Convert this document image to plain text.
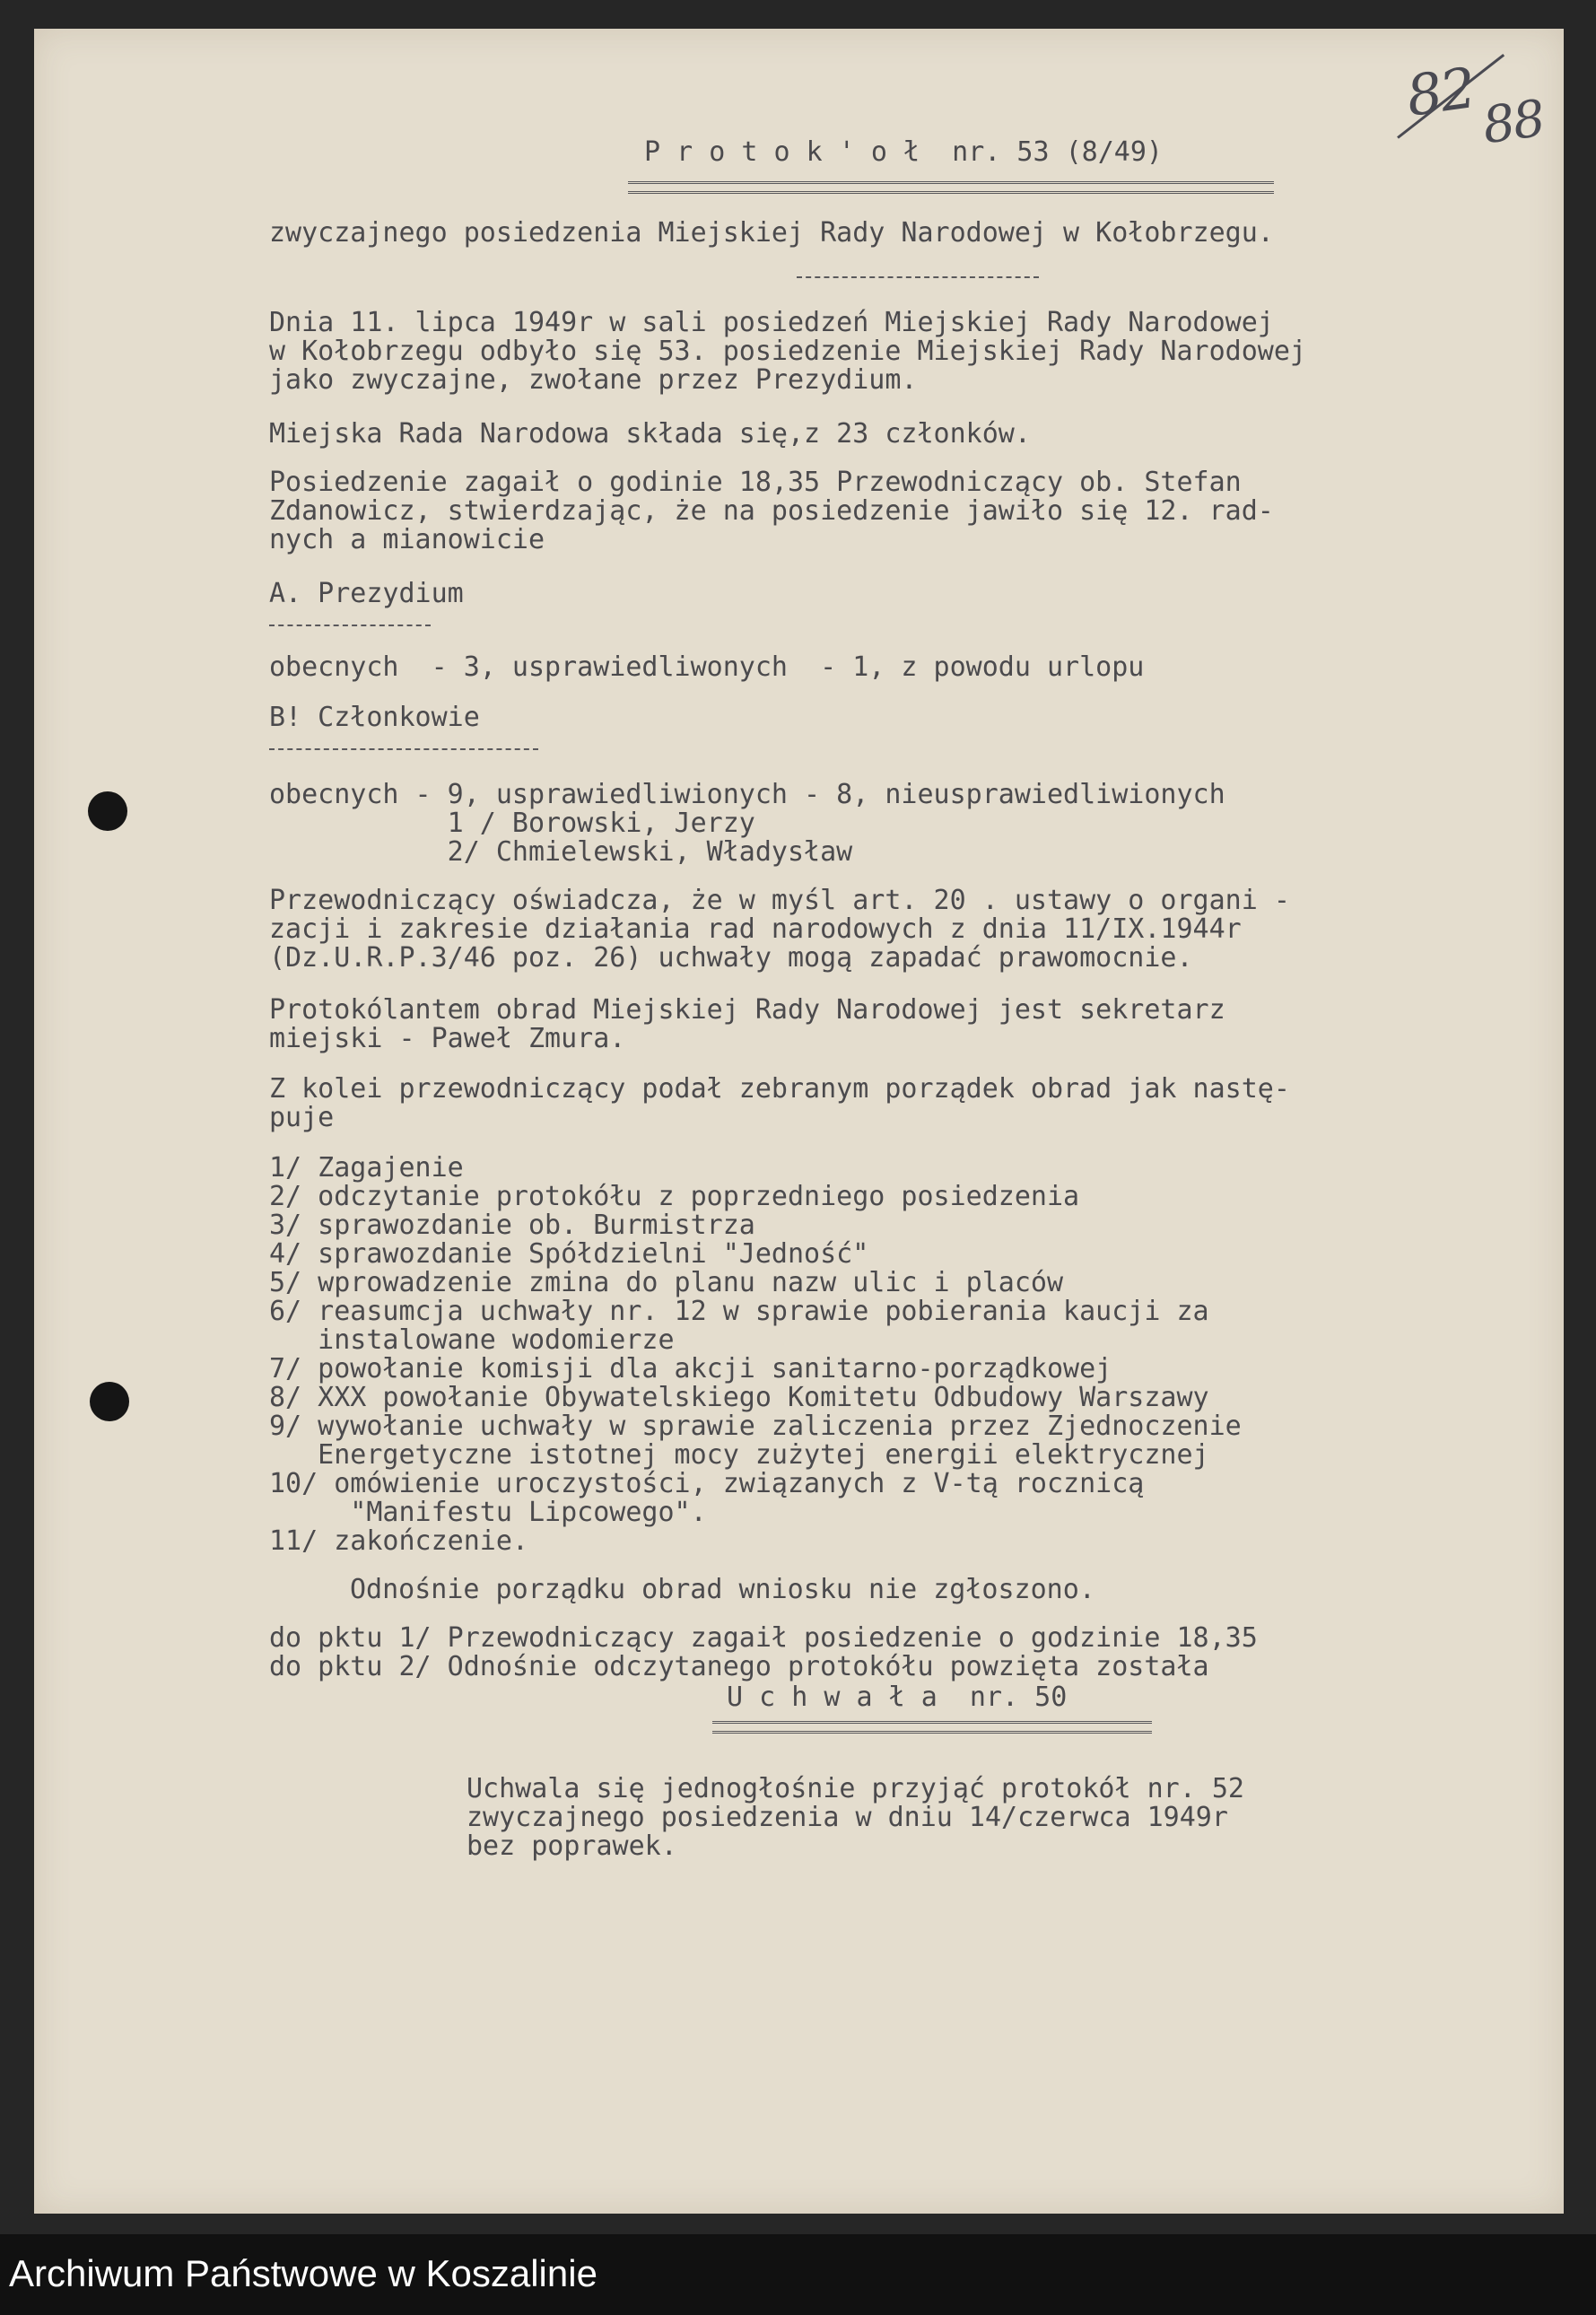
82 88
P r o t o k ' o ł  nr. 53 (8/49)
zwyczajnego posiedzenia Miejskiej Rady Narodowej w Kołobrzegu.
Dnia 11. lipca 1949r w sali posiedzeń Miejskiej Rady Narodowej
w Kołobrzegu odbyło się 53. posiedzenie Miejskiej Rady Narodowej
jako zwyczajne, zwołane przez Prezydium.
Miejska Rada Narodowa składa się,z 23 członków.
Posiedzenie zagaił o godinie 18,35 Przewodniczący ob. Stefan
Zdanowicz, stwierdzając, że na posiedzenie jawiło się 12. rad-
nych a mianowicie
A. Prezydium
obecnych  - 3, usprawiedliwonych  - 1, z powodu urlopu
B! Członkowie
obecnych - 9, usprawiedliwionych - 8, nieusprawiedliwionych
1 / Borowski, Jerzy
2/ Chmielewski, Władysław
Przewodniczący oświadcza, że w myśl art. 20 . ustawy o organi -
zacji i zakresie działania rad narodowych z dnia 11/IX.1944r
(Dz.U.R.P.3/46 poz. 26) uchwały mogą zapadać prawomocnie.
Protokólantem obrad Miejskiej Rady Narodowej jest sekretarz
miejski - Paweł Zmura.
Z kolei przewodniczący podał zebranym porządek obrad jak nastę-
puje
1/ Zagajenie
2/ odczytanie protokółu z poprzedniego posiedzenia
3/ sprawozdanie ob. Burmistrza
4/ sprawozdanie Spółdzielni "Jedność"
5/ wprowadzenie zmina do planu nazw ulic i placów
6/ reasumcja uchwały nr. 12 w sprawie pobierania kaucji za
instalowane wodomierze
7/ powołanie komisji dla akcji sanitarno-porządkowej
8/ XXX powołanie Obywatelskiego Komitetu Odbudowy Warszawy
9/ wywołanie uchwały w sprawie zaliczenia przez Zjednoczenie
Energetyczne istotnej mocy zużytej energii elektrycznej
10/ omówienie uroczystości, związanych z V-tą rocznicą
"Manifestu Lipcowego".
11/ zakończenie.
Odnośnie porządku obrad wniosku nie zgłoszono.
do pktu 1/ Przewodniczący zagaił posiedzenie o godzinie 18,35
do pktu 2/ Odnośnie odczytanego protokółu powzięta została
U c h w a ł a  nr. 50
Uchwala się jednogłośnie przyjąć protokół nr. 52
zwyczajnego posiedzenia w dniu 14/czerwca 1949r
bez poprawek.
Archiwum Państwowe w Koszalinie
